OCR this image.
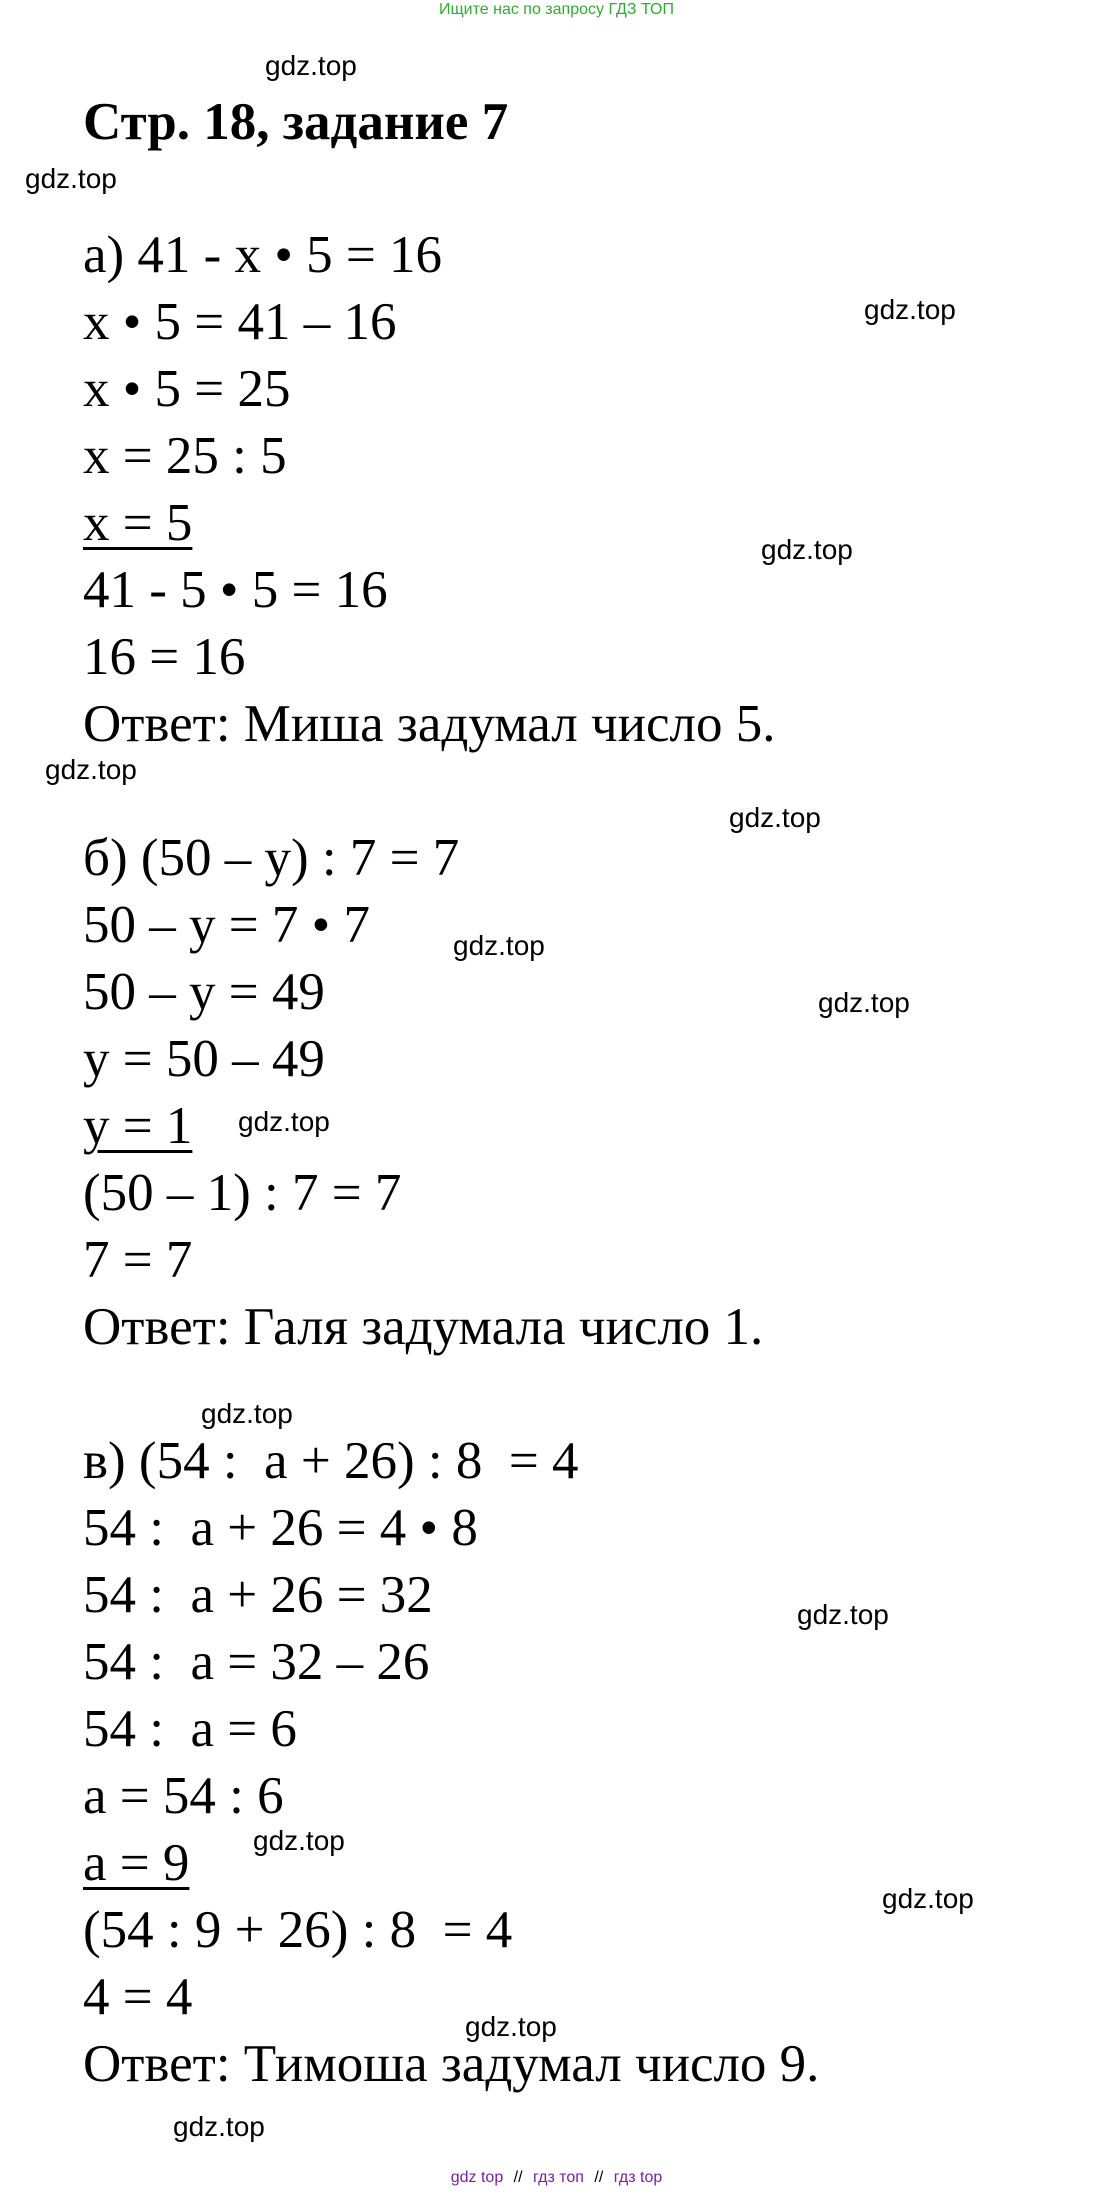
Ищите нас по запросу ГДЗ ТОП
Стр. 18, задание 7
а) 41 - x • 5 = 16
x • 5 = 41 – 16
x • 5 = 25
x = 25 : 5
x = 5
41 - 5 • 5 = 16
16 = 16
Ответ: Миша задумал число 5.
б) (50 – y) : 7 = 7
50 – y = 7 • 7
50 – y = 49
y = 50 – 49
y = 1
(50 – 1) : 7 = 7
7 = 7
Ответ: Галя задумала число 1.
в) (54 :  a + 26) : 8  = 4
54 :  a + 26 = 4 • 8
54 :  a + 26 = 32
54 :  a = 32 – 26
54 :  a = 6
a = 54 : 6
a = 9
(54 : 9 + 26) : 8  = 4
4 = 4
Ответ: Тимоша задумал число 9.
gdz.top
gdz.top
gdz.top
gdz.top
gdz.top
gdz.top
gdz.top
gdz.top
gdz.top
gdz.top
gdz.top
gdz.top
gdz.top
gdz.top
gdz.top
gdz top // гдз топ // гдз top
